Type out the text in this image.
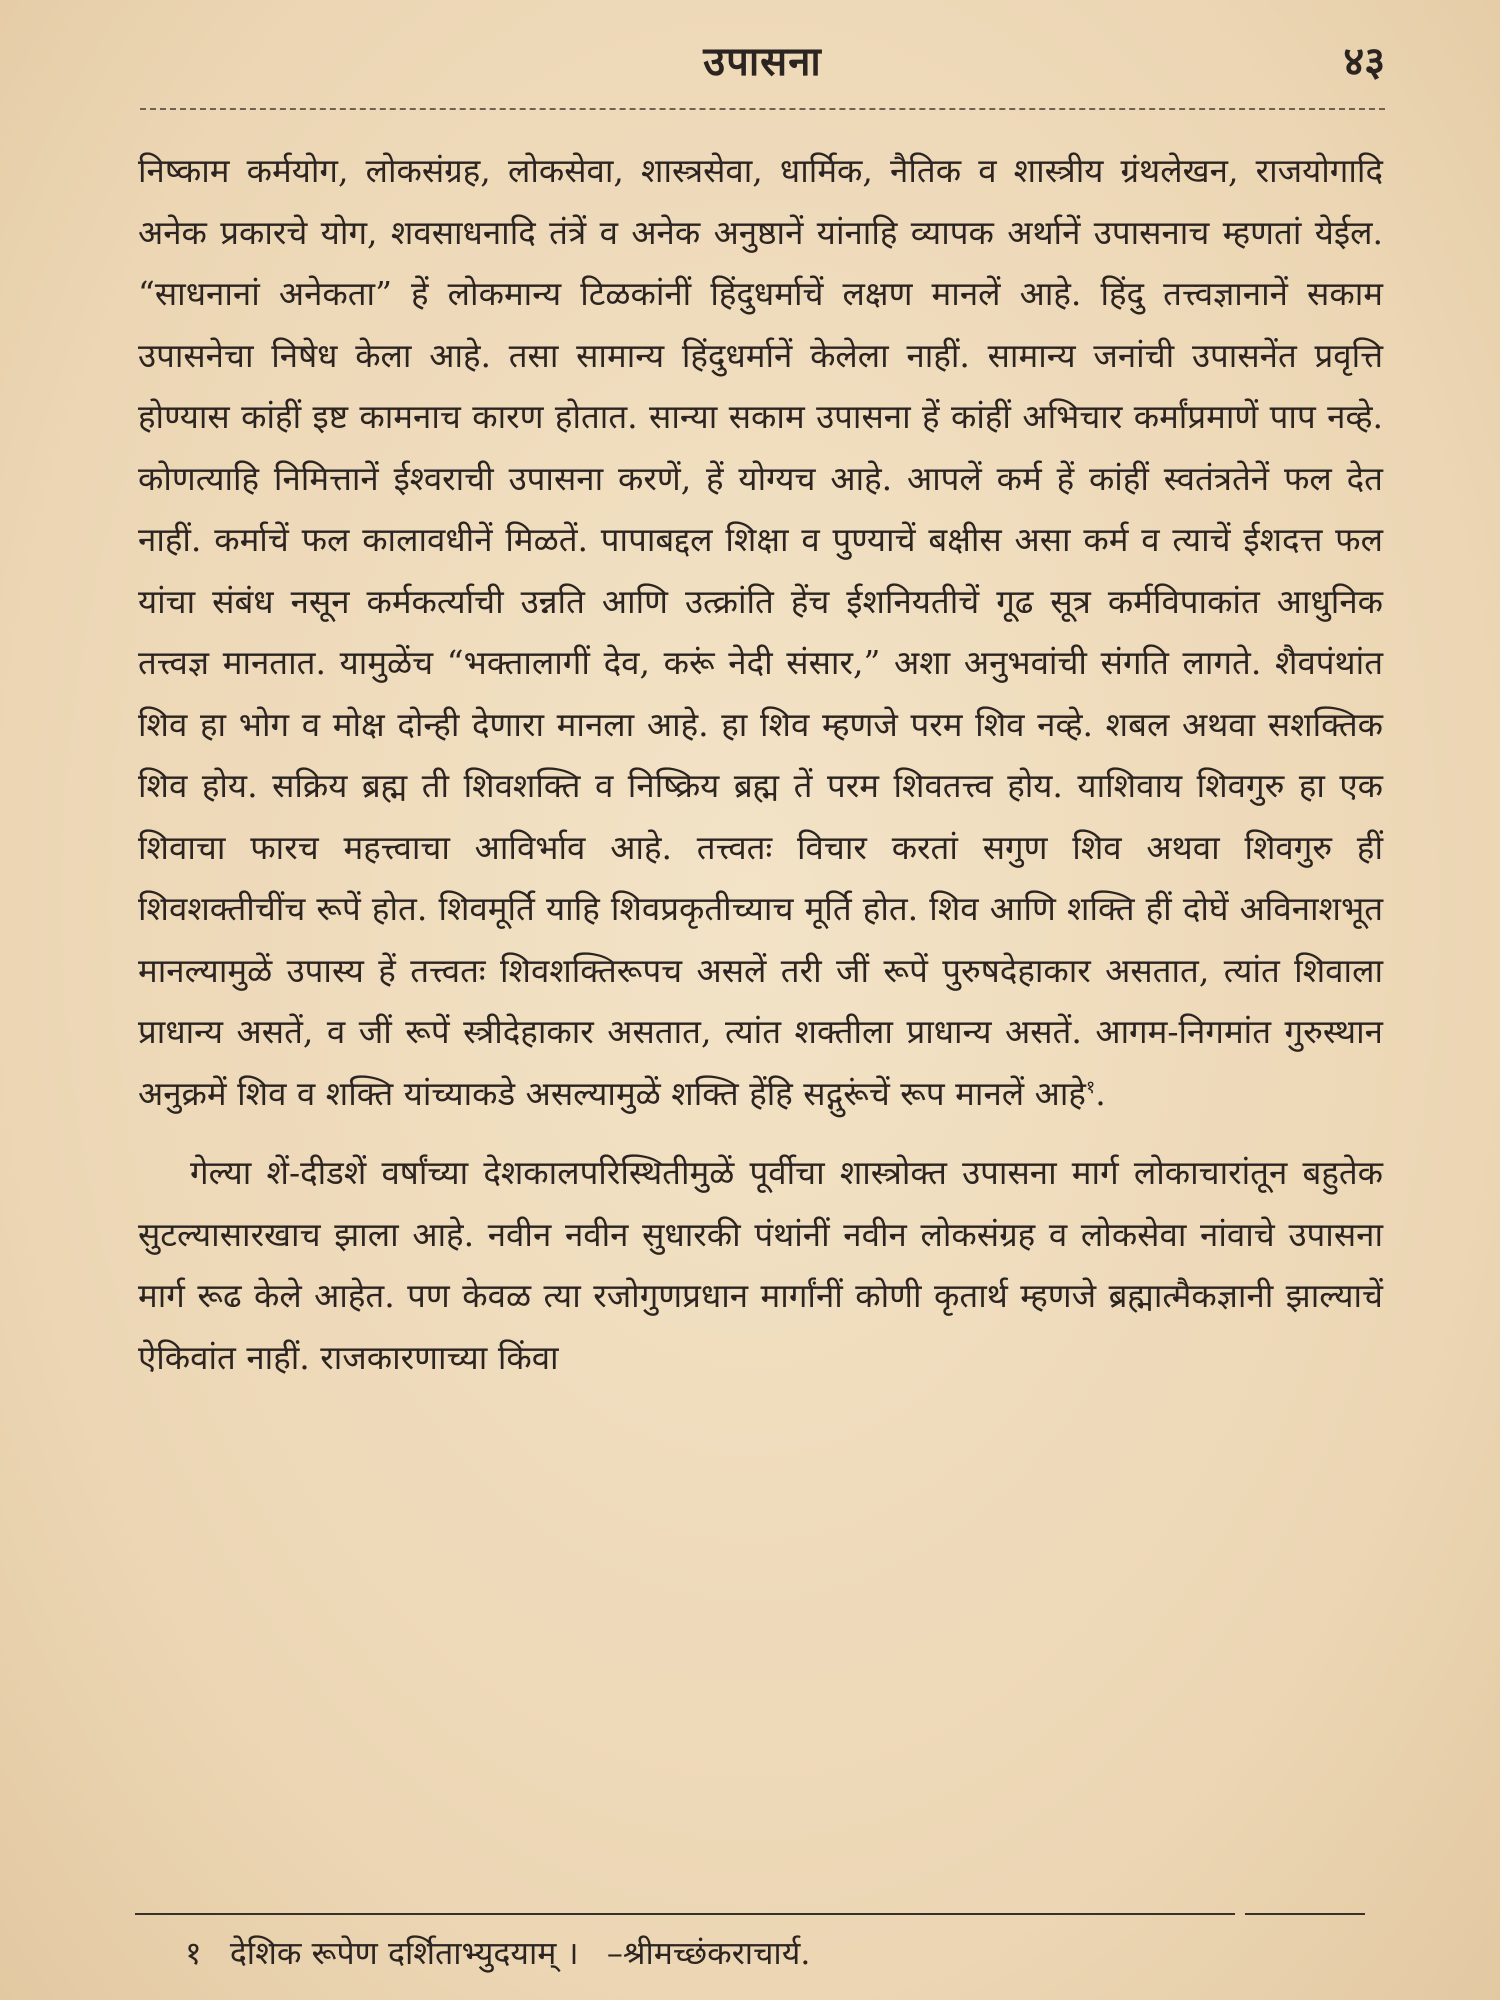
उपासना	४३

निष्काम कर्मयोग, लोकसंग्रह, लोकसेवा, शास्त्रसेवा, धार्मिक, नैतिक व शास्त्रीय ग्रंथलेखन, राजयोगादि अनेक प्रकारचे योग, शवसाधनादि तंत्रें व अनेक अनुष्ठानें यांनाहि व्यापक अर्थानें उपासनाच म्हणतां येईल. “साधनानां अनेकता” हें लोकमान्य टिळकांनीं हिंदुधर्माचें लक्षण मानलें आहे. हिंदु तत्त्वज्ञानानें सकाम उपासनेचा निषेध केला आहे. तसा सामान्य हिंदुधर्मानें केलेला नाहीं. सामान्य जनांची उपासनेंत प्रवृत्ति होण्यास कांहीं इष्ट कामनाच कारण होतात. सान्या सकाम उपासना हें कांहीं अभिचार कर्मांप्रमाणें पाप नव्हे. कोणत्याहि निमित्तानें ईश्वराची उपासना करणें, हें योग्यच आहे. आपलें कर्म हें कांहीं स्वतंत्रतेनें फल देत नाहीं. कर्माचें फल कालावधीनें मिळतें. पापाबद्दल शिक्षा व पुण्याचें बक्षीस असा कर्म व त्याचें ईशदत्त फल यांचा संबंध नसून कर्मकर्त्याची उन्नति आणि उत्क्रांति हेंच ईशनियतीचें गूढ सूत्र कर्मविपाकांत आधुनिक तत्त्वज्ञ मानतात. यामुळेंच “भक्तालागीं देव, करूं नेदी संसार,” अशा अनुभवांची संगति लागते. शैवपंथांत शिव हा भोग व मोक्ष दोन्ही देणारा मानला आहे. हा शिव म्हणजे परम शिव नव्हे. शबल अथवा सशक्तिक शिव होय. सक्रिय ब्रह्म ती शिवशक्ति व निष्क्रिय ब्रह्म तें परम शिवतत्त्व होय. याशिवाय शिवगुरु हा एक शिवाचा फारच महत्त्वाचा आविर्भाव आहे. तत्त्वतः विचार करतां सगुण शिव अथवा शिवगुरु हीं शिवशक्तीचींच रूपें होत. शिवमूर्ति याहि शिवप्रकृतीच्याच मूर्ति होत. शिव आणि शक्ति हीं दोघें अविनाशभूत मानल्यामुळें उपास्य हें तत्त्वतः शिवशक्तिरूपच असलें तरी जीं रूपें पुरुषदेहाकार असतात, त्यांत शिवाला प्राधान्य असतें, व जीं रूपें स्त्रीदेहाकार असतात, त्यांत शक्तीला प्राधान्य असतें. आगम-निगमांत गुरुस्थान अनुक्रमें शिव व शक्ति यांच्याकडे असल्यामुळें शक्ति हेंहि सद्गुरूंचें रूप मानलें आहे$^१$.

गेल्या शें-दीडशें वर्षांच्या देशकालपरिस्थितीमुळें पूर्वीचा शास्त्रोक्त उपासना मार्ग लोकाचारांतून बहुतेक सुटल्यासारखाच झाला आहे. नवीन नवीन सुधारकी पंथांनीं नवीन लोकसंग्रह व लोकसेवा नांवाचे उपासना मार्ग रूढ केले आहेत. पण केवळ त्या रजोगुणप्रधान मार्गांनीं कोणी कृतार्थ म्हणजे ब्रह्मात्मैकज्ञानी झाल्याचें ऐकिवांत नाहीं. राजकारणाच्या किंवा

१ देशिक रूपेण दर्शिताभ्युदयाम् । –श्रीमच्छंकराचार्य.
